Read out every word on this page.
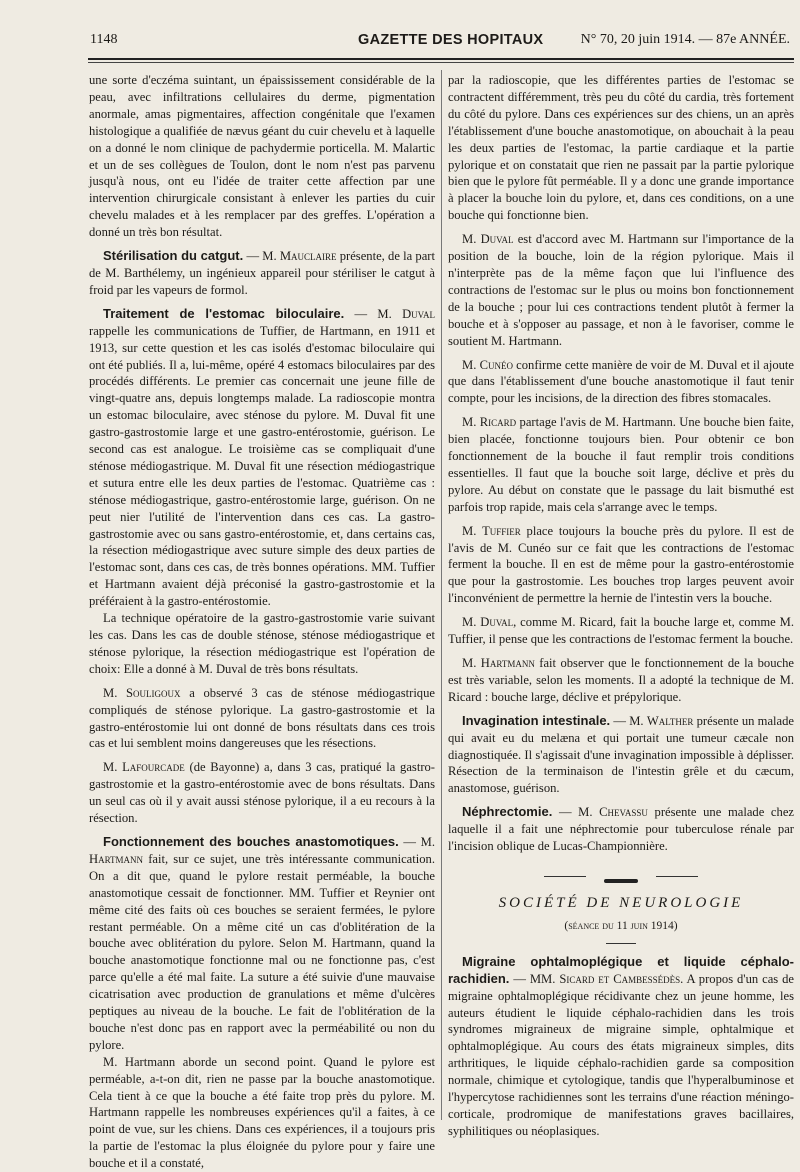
1148	GAZETTE DES HOPITAUX	N° 70, 20 juin 1914. — 87e ANNÉE.

une sorte d'eczéma suintant, un épaississement considérable de la peau, avec infiltrations cellulaires du derme, pigmentation anormale, amas pigmentaires, affection congénitale que l'examen histologique a qualifiée de nævus géant du cuir chevelu et à laquelle on a donné le nom clinique de pachydermie porticella. M. Malartic et un de ses collègues de Toulon, dont le nom n'est pas parvenu jusqu'à nous, ont eu l'idée de traiter cette affection par une intervention chirurgicale consistant à enlever les parties du cuir chevelu malades et à les remplacer par des greffes. L'opération a donné un très bon résultat.

Stérilisation du catgut. — M. Mauclaire présente, de la part de M. Barthélemy, un ingénieux appareil pour stériliser le catgut à froid par les vapeurs de formol.

Traitement de l'estomac biloculaire. — M. Duval rappelle les communications de Tuffier, de Hartmann, en 1911 et 1913, sur cette question et les cas isolés d'estomac biloculaire qui ont été publiés. Il a, lui-même, opéré 4 estomacs biloculaires par des procédés différents. Le premier cas concernait une jeune fille de vingt-quatre ans, depuis longtemps malade. La radioscopie montra un estomac biloculaire, avec sténose du pylore. M. Duval fit une gastro-gastrostomie large et une gastro-entérostomie, guérison. Le second cas est analogue. Le troisième cas se compliquait d'une sténose médiogastrique. M. Duval fit une résection médiogastrique et sutura entre elle les deux parties de l'estomac. Quatrième cas : sténose médiogastrique, gastro-entérostomie large, guérison. On ne peut nier l'utilité de l'intervention dans ces cas. La gastro-gastrostomie avec ou sans gastro-entérostomie, et, dans certains cas, la résection médiogastrique avec suture simple des deux parties de l'estomac sont, dans ces cas, de très bonnes opérations. MM. Tuffier et Hartmann avaient déjà préconisé la gastro-gastrostomie et la préféraient à la gastro-entérostomie.

La technique opératoire de la gastro-gastrostomie varie suivant les cas. Dans les cas de double sténose, sténose médiogastrique et sténose pylorique, la résection médiogastrique est l'opération de choix: Elle a donné à M. Duval de très bons résultats.

M. Souligoux a observé 3 cas de sténose médiogastrique compliqués de sténose pylorique. La gastro-gastrostomie et la gastro-entérostomie lui ont donné de bons résultats dans ces trois cas et lui semblent moins dangereuses que les résections.

M. Lafourcade (de Bayonne) a, dans 3 cas, pratiqué la gastro-gastrostomie et la gastro-entérostomie avec de bons résultats. Dans un seul cas où il y avait aussi sténose pylorique, il a eu recours à la résection.

Fonctionnement des bouches anastomotiques. — M. Hartmann fait, sur ce sujet, une très intéressante communication. On a dit que, quand le pylore restait perméable, la bouche anastomotique cessait de fonctionner. MM. Tuffier et Reynier ont même cité des faits où ces bouches se seraient fermées, le pylore restant perméable. On a même cité un cas d'oblitération de la bouche avec oblitération du pylore. Selon M. Hartmann, quand la bouche anastomotique fonctionne mal ou ne fonctionne pas, c'est parce qu'elle a été mal faite. La suture a été suivie d'une mauvaise cicatrisation avec production de granulations et même d'ulcères peptiques au niveau de la bouche. Le fait de l'oblitération de la bouche n'est donc pas en rapport avec la perméabilité ou non du pylore.

M. Hartmann aborde un second point. Quand le pylore est perméable, a-t-on dit, rien ne passe par la bouche anastomotique. Cela tient à ce que la bouche a été faite trop près du pylore. M. Hartmann rappelle les nombreuses expériences qu'il a faites, à ce point de vue, sur les chiens. Dans ces expériences, il a toujours pris la partie de l'estomac la plus éloignée du pylore pour y faire une bouche et il a constaté,

par la radioscopie, que les différentes parties de l'estomac se contractent différemment, très peu du côté du cardia, très fortement du côté du pylore. Dans ces expériences sur des chiens, un an après l'établissement d'une bouche anastomotique, on abouchait à la peau les deux parties de l'estomac, la partie cardiaque et la partie pylorique et on constatait que rien ne passait par la partie pylorique bien que le pylore fût perméable. Il y a donc une grande importance à placer la bouche loin du pylore, et, dans ces conditions, on a une bouche qui fonctionne bien.

M. Duval est d'accord avec M. Hartmann sur l'importance de la position de la bouche, loin de la région pylorique. Mais il n'interprète pas de la même façon que lui l'influence des contractions de l'estomac sur le plus ou moins bon fonctionnement de la bouche ; pour lui ces contractions tendent plutôt à fermer la bouche et à s'opposer au passage, et non à le favoriser, comme le soutient M. Hartmann.

M. Cunéo confirme cette manière de voir de M. Duval et il ajoute que dans l'établissement d'une bouche anastomotique il faut tenir compte, pour les incisions, de la direction des fibres stomacales.

M. Ricard partage l'avis de M. Hartmann. Une bouche bien faite, bien placée, fonctionne toujours bien. Pour obtenir ce bon fonctionnement de la bouche il faut remplir trois conditions essentielles. Il faut que la bouche soit large, déclive et près du pylore. Au début on constate que le passage du lait bismuthé est parfois trop rapide, mais cela s'arrange avec le temps.

M. Tuffier place toujours la bouche près du pylore. Il est de l'avis de M. Cunéo sur ce fait que les contractions de l'estomac ferment la bouche. Il en est de même pour la gastro-entérostomie que pour la gastrostomie. Les bouches trop larges peuvent avoir l'inconvénient de permettre la hernie de l'intestin vers la bouche.

M. Duval, comme M. Ricard, fait la bouche large et, comme M. Tuffier, il pense que les contractions de l'estomac ferment la bouche.

M. Hartmann fait observer que le fonctionnement de la bouche est très variable, selon les moments. Il a adopté la technique de M. Ricard : bouche large, déclive et prépylorique.

Invagination intestinale. — M. Walther présente un malade qui avait eu du melæna et qui portait une tumeur cæcale non diagnostiquée. Il s'agissait d'une invagination impossible à déplisser. Résection de la terminaison de l'intestin grêle et du cæcum, anastomose, guérison.

Néphrectomie. — M. Chevassu présente une malade chez laquelle il a fait une néphrectomie pour tuberculose rénale par l'incision oblique de Lucas-Championnière.

SOCIÉTÉ DE NEUROLOGIE
(séance du 11 juin 1914)

Migraine ophtalmoplégique et liquide céphalo-rachidien. — MM. Sicard et Cambessédès. A propos d'un cas de migraine ophtalmoplégique récidivante chez un jeune homme, les auteurs étudient le liquide céphalo-rachidien dans les trois syndromes migraineux de migraine simple, ophtalmique et ophtalmoplégique. Au cours des états migraineux simples, dits arthritiques, le liquide céphalo-rachidien garde sa composition normale, chimique et cytologique, tandis que l'hyperalbuminose et l'hypercytose rachidiennes sont les terrains d'une réaction méningo-corticale, prodromique de manifestations graves bacillaires, syphilitiques ou néoplasiques.
